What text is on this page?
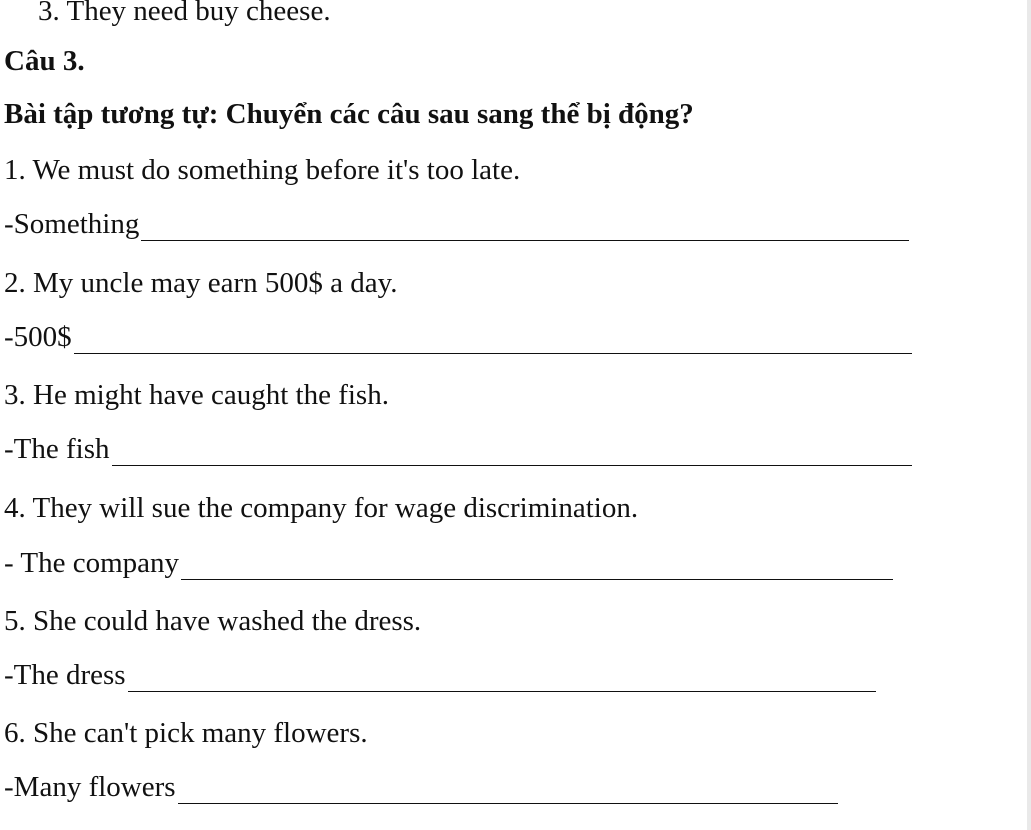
3. They need buy cheese.
Câu 3.
Bài tập tương tự: Chuyển các câu sau sang thể bị động?
1. We must do something before it's too late.
-Something
2. My uncle may earn 500$ a day.
-500$
3. He might have caught the fish.
-The fish
4. They will sue the company for wage discrimination.
- The company
5. She could have washed the dress.
-The dress
6. She can't pick many flowers.
-Many flowers
